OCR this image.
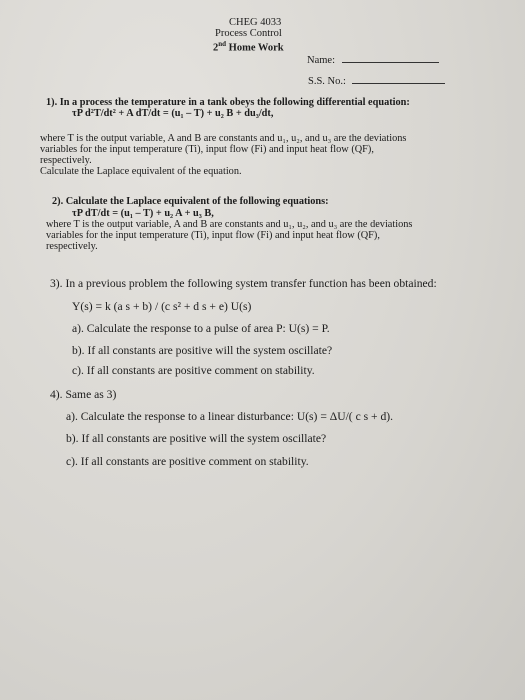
CHEG 4033
Process Control
2nd Home Work
Name:
S.S. No.:
1). In a process the temperature in a tank obeys the following differential equation:
τP d²T/dt² + A dT/dt = (u₁ – T) + u₂ B + du₃/dt,
where T is the output variable, A and B are constants and u₁, u₂, and u₃ are the deviations
variables for the input temperature (Ti), input flow (Fi) and input heat flow (QF),
respectively.
Calculate the Laplace equivalent of the equation.
2). Calculate the Laplace equivalent of the following equations:
τP dT/dt = (u₁ – T) + u₂ A + u₃ B,
where T is the output variable, A and B are constants and u₁, u₂, and u₃ are the deviations
variables for the input temperature (Ti), input flow (Fi) and input heat flow (QF),
respectively.
3). In a previous problem the following system transfer function has been obtained:
Y(s) = k (a s + b) / (c s² + d s + e) U(s)
a). Calculate the response to a pulse of area P: U(s) = P.
b). If all constants are positive will the system oscillate?
c). If all constants are positive comment on stability.
4). Same as 3)
a). Calculate the response to a linear disturbance: U(s) = ΔU/( c s + d).
b). If all constants are positive will the system oscillate?
c). If all constants are positive comment on stability.
